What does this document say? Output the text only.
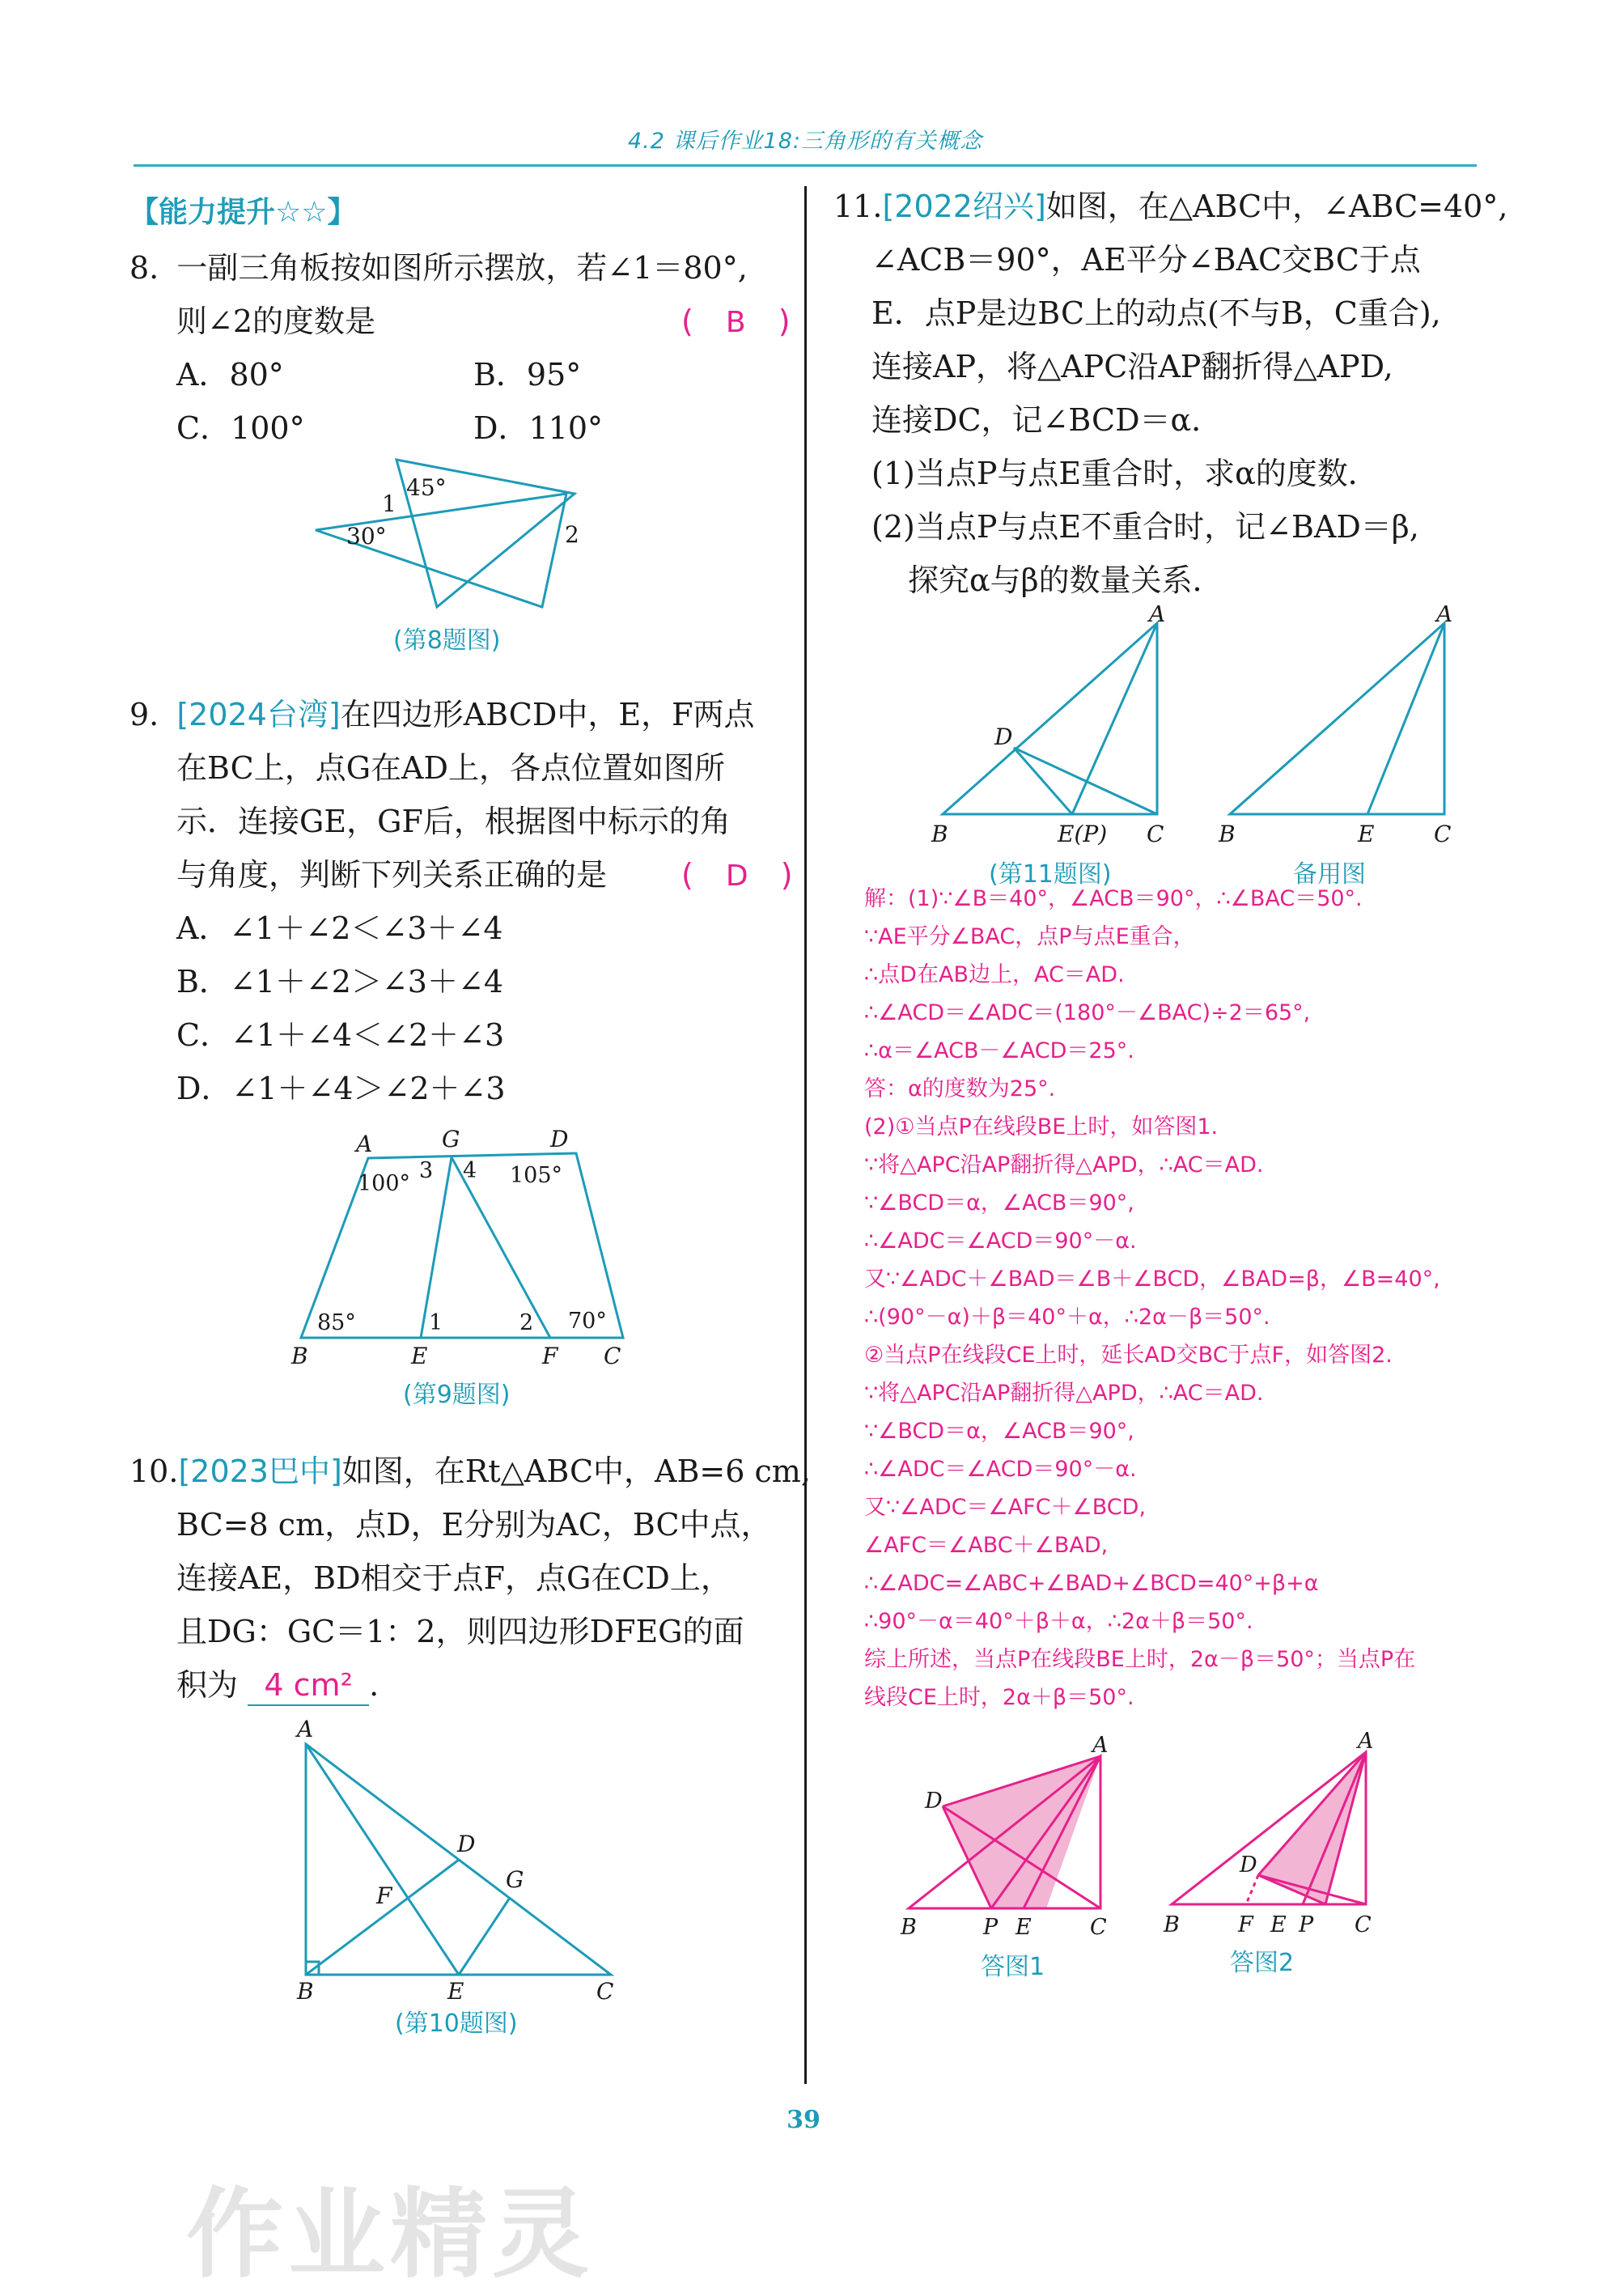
4.2 课后作业18:三角形的有关概念
【能力提升☆☆】
8. 一副三角板按如图所示摆放，若∠1＝80°,
则∠2的度数是	( B )
A．80°	B．95°
C．100°	D．110°
45°
30°
1
2
(第8题图)
9. [2024台湾]在四边形ABCD中，E，F两点
在BC上，点G在AD上，各点位置如图所
示．连接GE，GF后，根据图中标示的角
与角度，判断下列关系正确的是 ( D )
A．∠1＋∠2＜∠3＋∠4
B．∠1＋∠2＞∠3＋∠4
C．∠1＋∠4＜∠2＋∠3
D．∠1＋∠4＞∠2＋∠3
A	G	D
B	E	F C
100°	105°
85°	70°
3 4
1	2
(第9题图)
10.[2023巴中]如图，在Rt△ABC中，AB=6 cm,
BC=8 cm，点D，E分别为AC，BC中点，
连接AE，BD相交于点F，点G在CD上，
且DG：GC＝1：2，则四边形DFEG的面
积为 4 cm² .
A
B	C
D
E
F
G
(第10题图)
11.[2022绍兴]如图，在△ABC中，∠ABC=40°,
∠ACB＝90°，AE平分∠BAC交BC于点
E．点P是边BC上的动点(不与B，C重合),
连接AP，将△APC沿AP翻折得△APD,
连接DC，记∠BCD＝α．
(1)当点P与点E重合时，求α的度数．
(2)当点P与点E不重合时，记∠BAD＝β,
探究α与β的数量关系．
A
B	C
D
E(P)
(第11题图)
A
B	C
E
备用图
解：(1)∵∠B＝40°，∠ACB＝90°，∴∠BAC＝50°.
∵AE平分∠BAC，点P与点E重合，
∴点D在AB边上，AC＝AD.
∴∠ACD＝∠ADC＝(180°－∠BAC)÷2＝65°,
∴α＝∠ACB－∠ACD＝25°.
答：α的度数为25°.
(2)①当点P在线段BE上时，如答图1.
∵将△APC沿AP翻折得△APD，∴AC＝AD.
∵∠BCD＝α，∠ACB＝90°,
∴∠ADC＝∠ACD＝90°－α.
又∵∠ADC＋∠BAD＝∠B＋∠BCD，∠BAD=β，∠B=40°,
∴(90°－α)＋β＝40°＋α，∴2α－β＝50°.
②当点P在线段CE上时，延长AD交BC于点F，如答图2.
∵将△APC沿AP翻折得△APD，∴AC＝AD.
∵∠BCD＝α，∠ACB＝90°,
∴∠ADC＝∠ACD＝90°－α.
又∵∠ADC＝∠AFC＋∠BCD,
∠AFC＝∠ABC＋∠BAD,
∴∠ADC=∠ABC+∠BAD+∠BCD=40°+β+α
∴90°－α＝40°＋β＋α，∴2α＋β＝50°.
综上所述，当点P在线段BE上时，2α－β＝50°；当点P在
线段CE上时，2α＋β＝50°.
A
D
B	P E	C
答图1
A
D
B	F E P C
答图2
39
作业精灵
